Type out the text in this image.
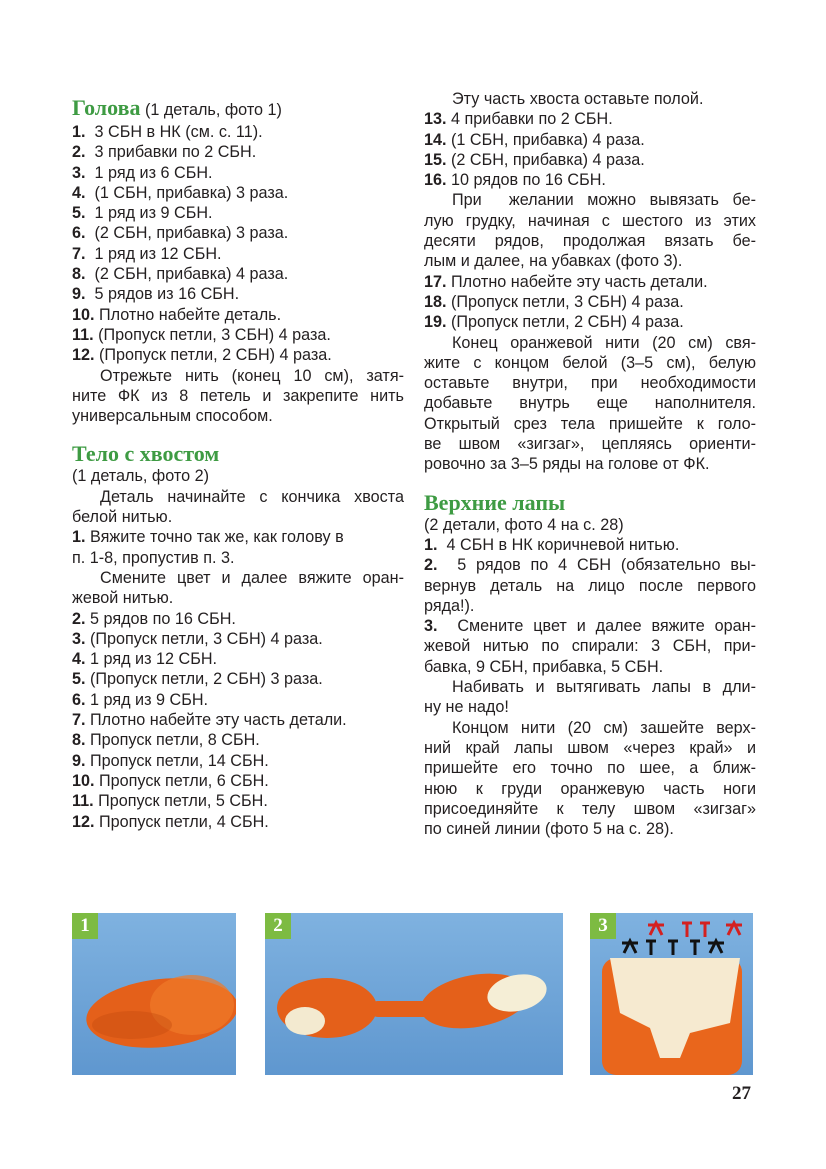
Голова (1 деталь, фото 1)
1.  3 СБН в НК (см. с. 11).
2.  3 прибавки по 2 СБН.
3.  1 ряд из 6 СБН.
4.  (1 СБН, прибавка) 3 раза.
5.  1 ряд из 9 СБН.
6.  (2 СБН, прибавка) 3 раза.
7.  1 ряд из 12 СБН.
8.  (2 СБН, прибавка) 4 раза.
9.  5 рядов из 16 СБН.
10. Плотно набейте деталь.
11. (Пропуск петли, 3 СБН) 4 раза.
12. (Пропуск петли, 2 СБН) 4 раза.
Отрежьте нить (конец 10 см), затя-
ните ФК из 8 петель и закрепите нить
универсальным способом.
Тело с хвостом
(1 деталь, фото 2)
Деталь начинайте с кончика хвоста
белой нитью.
1. Вяжите точно так же, как голову в
п. 1-8, пропустив п. 3.
Смените цвет и далее вяжите оран-
жевой нитью.
2. 5 рядов по 16 СБН.
3. (Пропуск петли, 3 СБН) 4 раза.
4. 1 ряд из 12 СБН.
5. (Пропуск петли, 2 СБН) 3 раза.
6. 1 ряд из 9 СБН.
7. Плотно набейте эту часть детали.
8. Пропуск петли, 8 СБН.
9. Пропуск петли, 14 СБН.
10. Пропуск петли, 6 СБН.
11. Пропуск петли, 5 СБН.
12. Пропуск петли, 4 СБН.
Эту часть хвоста оставьте полой.
13. 4 прибавки по 2 СБН.
14. (1 СБН, прибавка) 4 раза.
15. (2 СБН, прибавка) 4 раза.
16. 10 рядов по 16 СБН.
При  желании можно вывязать бе-
лую грудку, начиная с шестого из этих
десяти рядов, продолжая вязать бе-
лым и далее, на убавках (фото 3).
17. Плотно набейте эту часть детали.
18. (Пропуск петли, 3 СБН) 4 раза.
19. (Пропуск петли, 2 СБН) 4 раза.
Конец оранжевой нити (20 см) свя-
жите с концом белой (3–5 см), белую
оставьте внутри, при необходимости
добавьте внутрь еще наполнителя.
Открытый срез тела пришейте к голо-
ве швом «зигзаг», цепляясь ориенти-
ровочно за 3–5 ряды на голове от ФК.
Верхние лапы
(2 детали, фото 4 на с. 28)
1.  4 СБН в НК коричневой нитью.
2.  5 рядов по 4 СБН (обязательно вы-
вернув деталь на лицо после первого
ряда!).
3.  Смените цвет и далее вяжите оран-
жевой нитью по спирали: 3 СБН, при-
бавка, 9 СБН, прибавка, 5 СБН.
Набивать и вытягивать лапы в дли-
ну не надо!
Концом нити (20 см) зашейте верх-
ний край лапы швом «через край» и
пришейте его точно по шее, а ближ-
нюю к груди оранжевую часть ноги
присоединяйте к телу швом «зигзаг»
по синей линии (фото 5 на с. 28).
1	2	3
27
